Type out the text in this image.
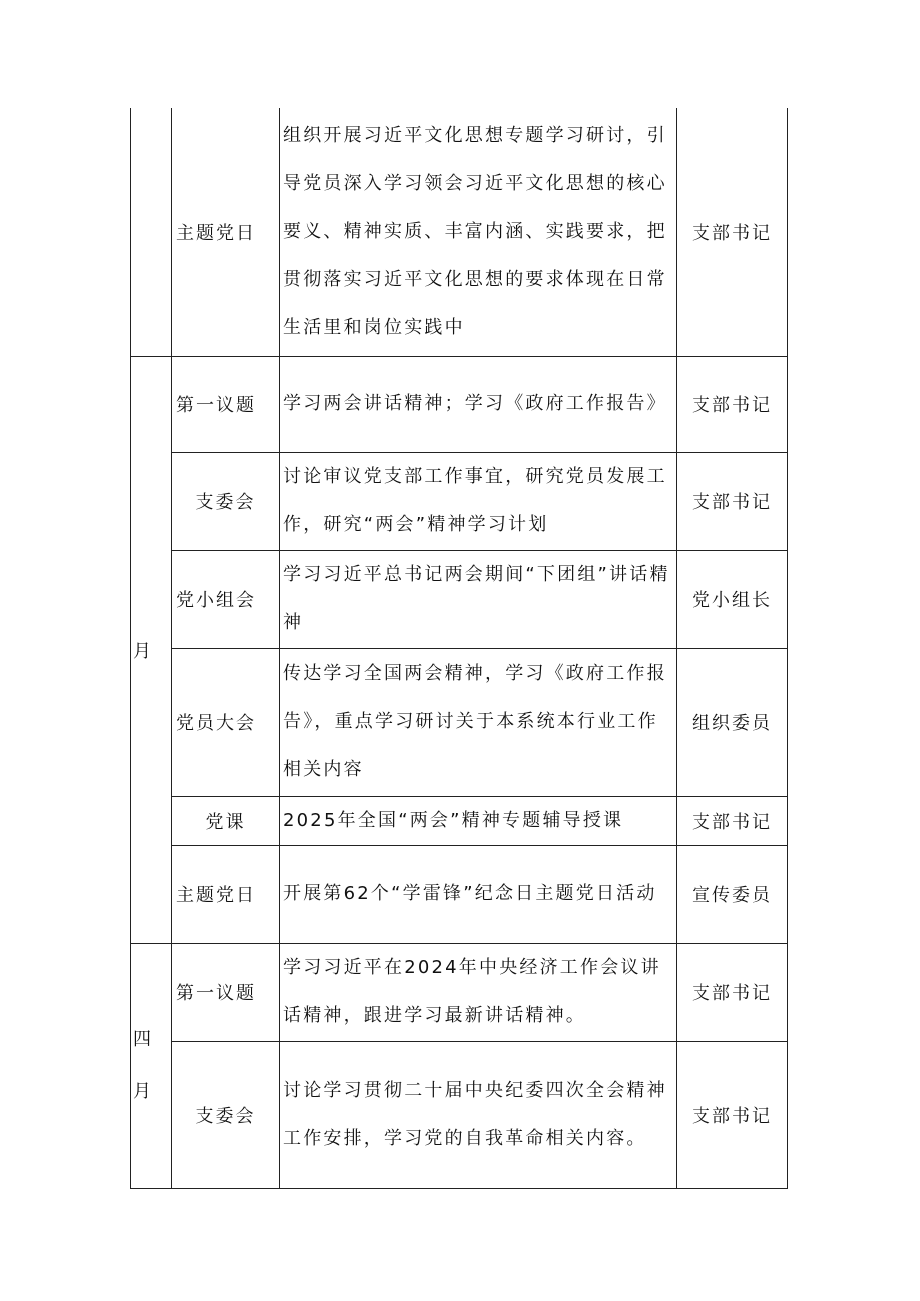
	主题党日	组织开展习近平文化思想专题学习研讨，引导党员深入学习领会习近平文化思想的核心要义、精神实质、丰富内涵、实践要求，把贯彻落实习近平文化思想的要求体现在日常生活里和岗位实践中	支部书记
月	第一议题	学习两会讲话精神；学习《政府工作报告》	支部书记

	支委会	讨论审议党支部工作事宜，研究党员发展工作，研究“两会”精神学习计划	支部书记

	党小组会	学习习近平总书记两会期间“下团组”讲话精神	党小组长

	党员大会	传达学习全国两会精神，学习《政府工作报告》，重点学习研讨关于本系统本行业工作相关内容	组织委员

	党课	2025年全国“两会”精神专题辅导授课	支部书记

	主题党日	开展第62个“学雷锋”纪念日主题党日活动	宣传委员

四
月	第一议题	学习习近平在2024年中央经济工作会议讲话精神，跟进学习最新讲话精神。	支部书记

	支委会	讨论学习贯彻二十届中央纪委四次全会精神工作安排，学习党的自我革命相关内容。	支部书记
